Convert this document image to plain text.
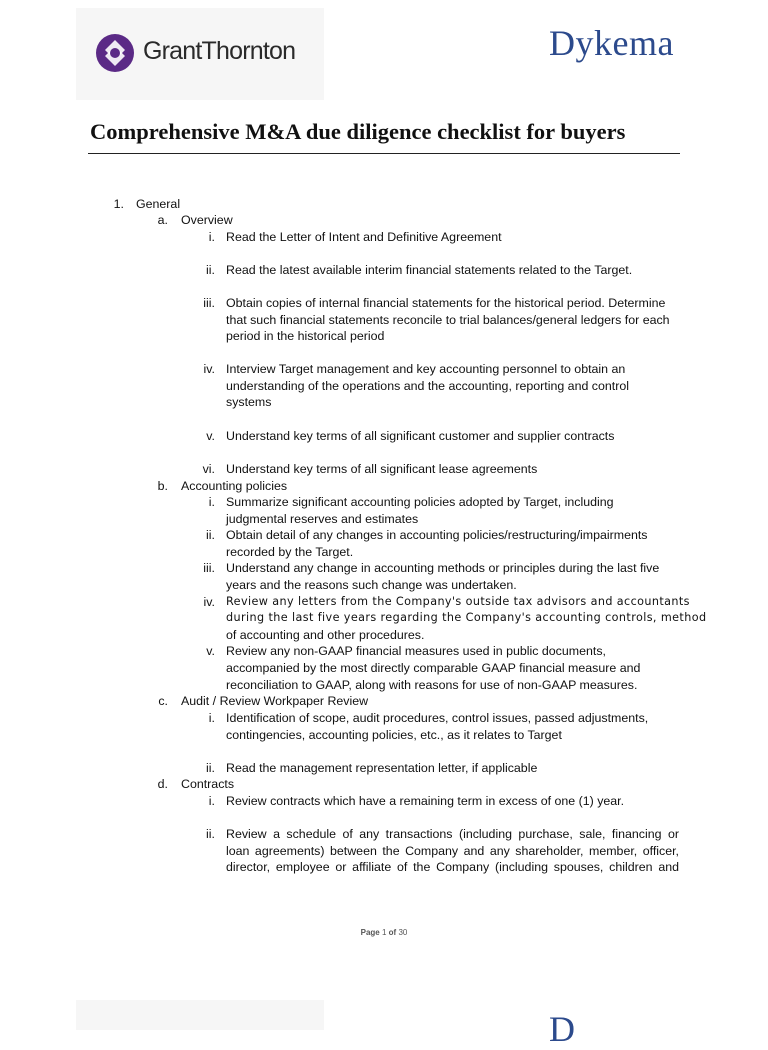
GrantThornton	Dykema
Comprehensive M&A due diligence checklist for buyers
1. General
a. Overview
i. Read the Letter of Intent and Definitive Agreement
ii. Read the latest available interim financial statements related to the Target.
iii. Obtain copies of internal financial statements for the historical period. Determine
that such financial statements reconcile to trial balances/general ledgers for each
period in the historical period
iv. Interview Target management and key accounting personnel to obtain an
understanding of the operations and the accounting, reporting and control
systems
v. Understand key terms of all significant customer and supplier contracts
vi. Understand key terms of all significant lease agreements
b. Accounting policies
i. Summarize significant accounting policies adopted by Target, including
judgmental reserves and estimates
ii. Obtain detail of any changes in accounting policies/restructuring/impairments
recorded by the Target.
iii. Understand any change in accounting methods or principles during the last five
years and the reasons such change was undertaken.
iv. Review any letters from the Company's outside tax advisors and accountants
during the last five years regarding the Company's accounting controls, method
of accounting and other procedures.
v. Review any non-GAAP financial measures used in public documents,
accompanied by the most directly comparable GAAP financial measure and
reconciliation to GAAP, along with reasons for use of non-GAAP measures.
c. Audit / Review Workpaper Review
i. Identification of scope, audit procedures, control issues, passed adjustments,
contingencies, accounting policies, etc., as it relates to Target
ii. Read the management representation letter, if applicable
d. Contracts
i. Review contracts which have a remaining term in excess of one (1) year.
ii. Review a schedule of any transactions (including purchase, sale, financing or
loan agreements) between the Company and any shareholder, member, officer,
director, employee or affiliate of the Company (including spouses, children and
Page 1 of 30
D
